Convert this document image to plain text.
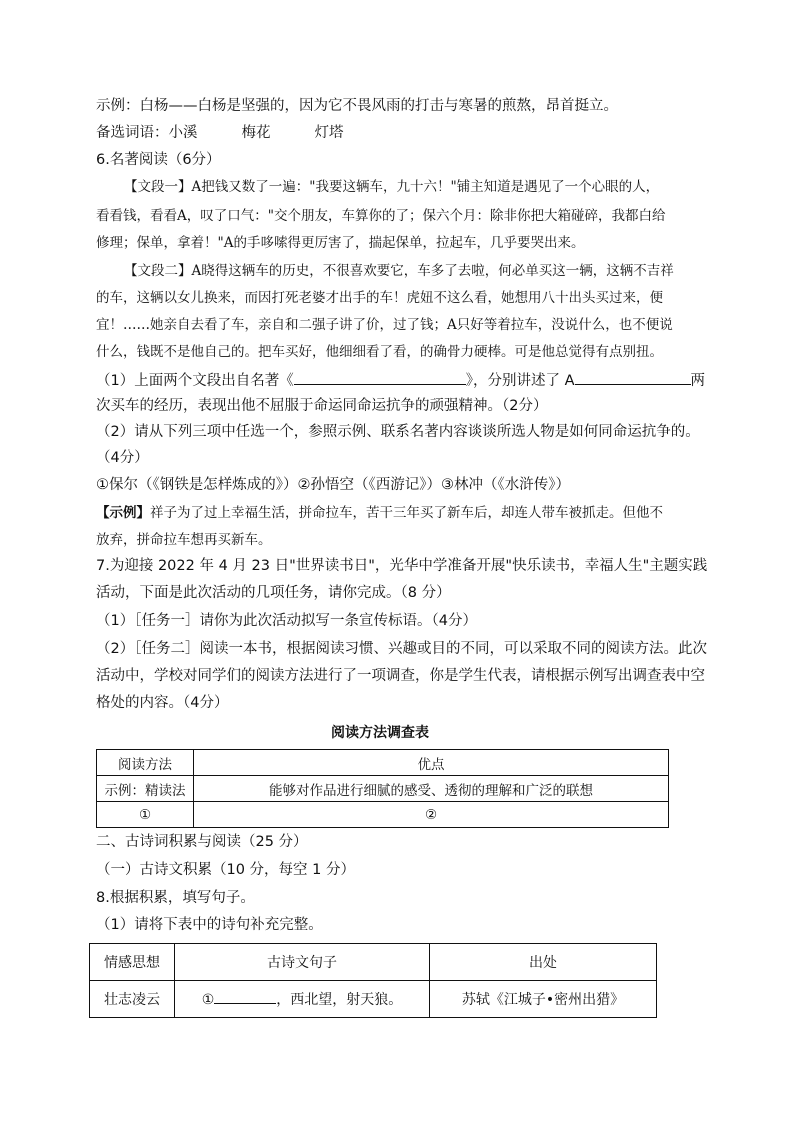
示例：白杨——白杨是坚强的，因为它不畏风雨的打击与寒暑的煎熬，昂首挺立。
备选词语：小溪	梅花	灯塔
6.名著阅读（6分）
【文段一】A把钱又数了一遍："我要这辆车，九十六！"铺主知道是遇见了一个心眼的人，
看看钱，看看A，叹了口气："交个朋友，车算你的了；保六个月：除非你把大箱碰碎，我都白给
修理；保单，拿着！"A的手哆嗦得更厉害了，揣起保单，拉起车，几乎要哭出来。
【文段二】A晓得这辆车的历史，不很喜欢要它，车多了去啦，何必单买这一辆，这辆不吉祥
的车，这辆以女儿换来，而因打死老婆才出手的车！虎妞不这么看，她想用八十出头买过来，便
宜！……她亲自去看了车，亲自和二强子讲了价，过了钱；A只好等着拉车，没说什么，也不便说
什么，钱既不是他自己的。把车买好，他细细看了看，的确骨力硬棒。可是他总觉得有点别扭。
（1）上面两个文段出自名著《	》，分别讲述了 A	两
次买车的经历，表现出他不屈服于命运同命运抗争的顽强精神。（2分）
（2）请从下列三项中任选一个，参照示例、联系名著内容谈谈所选人物是如何同命运抗争的。
（4分）
①保尔（《钢铁是怎样炼成的》）②孙悟空（《西游记》）③林冲（《水浒传》）
【示例】祥子为了过上幸福生活，拼命拉车，苦干三年买了新车后，却连人带车被抓走。但他不
放弃，拼命拉车想再买新车。
7.为迎接 2022 年 4 月 23 日"世界读书日"，光华中学准备开展"快乐读书，幸福人生"主题实践
活动，下面是此次活动的几项任务，请你完成。（8 分）
（1）［任务一］请你为此次活动拟写一条宣传标语。（4分）
（2）［任务二］阅读一本书，根据阅读习惯、兴趣或目的不同，可以采取不同的阅读方法。此次
活动中，学校对同学们的阅读方法进行了一项调查，你是学生代表，请根据示例写出调查表中空
格处的内容。（4分）
阅读方法调查表
阅读方法	优点
示例：精读法	能够对作品进行细腻的感受、透彻的理解和广泛的联想
①	②
二、古诗词积累与阅读（25 分）
（一）古诗文积累（10 分，每空 1 分）
8.根据积累，填写句子。
（1）请将下表中的诗句补充完整。
情感思想	古诗文句子	出处
壮志凌云	① ，西北望，射天狼。	苏轼《江城子•密州出猎》
